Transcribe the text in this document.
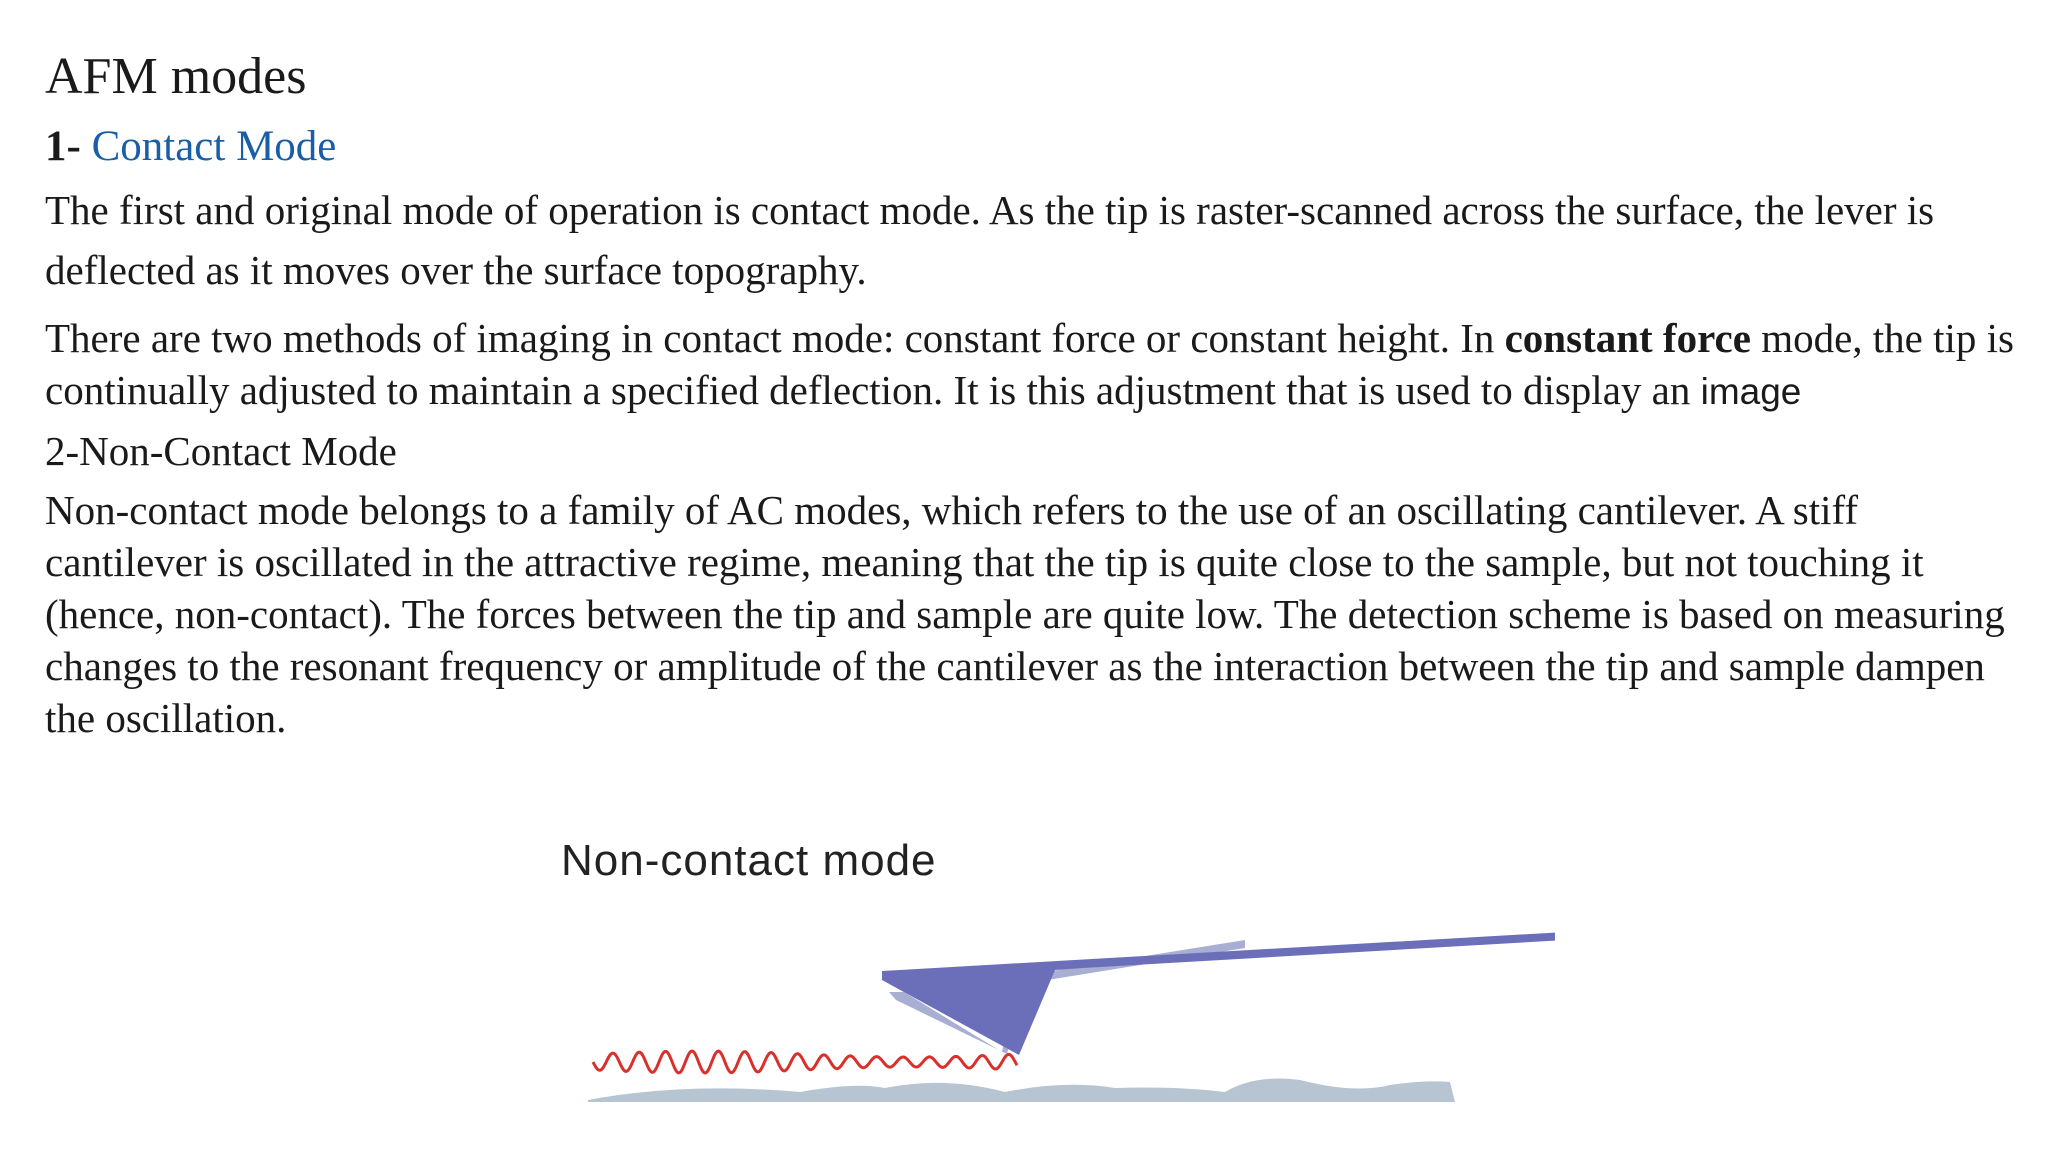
AFM modes
1- Contact Mode

The first and original mode of operation is contact mode. As the tip is raster-scanned across the surface, the lever is deflected as it moves over the surface topography.

There are two methods of imaging in contact mode: constant force or constant height. In constant force mode, the tip is continually adjusted to maintain a specified deflection. It is this adjustment that is used to display an image

2-Non-Contact Mode

Non-contact mode belongs to a family of AC modes, which refers to the use of an oscillating cantilever. A stiff cantilever is oscillated in the attractive regime, meaning that the tip is quite close to the sample, but not touching it (hence, non-contact). The forces between the tip and sample are quite low. The detection scheme is based on measuring changes to the resonant frequency or amplitude of the cantilever as the interaction between the tip and sample dampen the oscillation.

Non-contact mode
